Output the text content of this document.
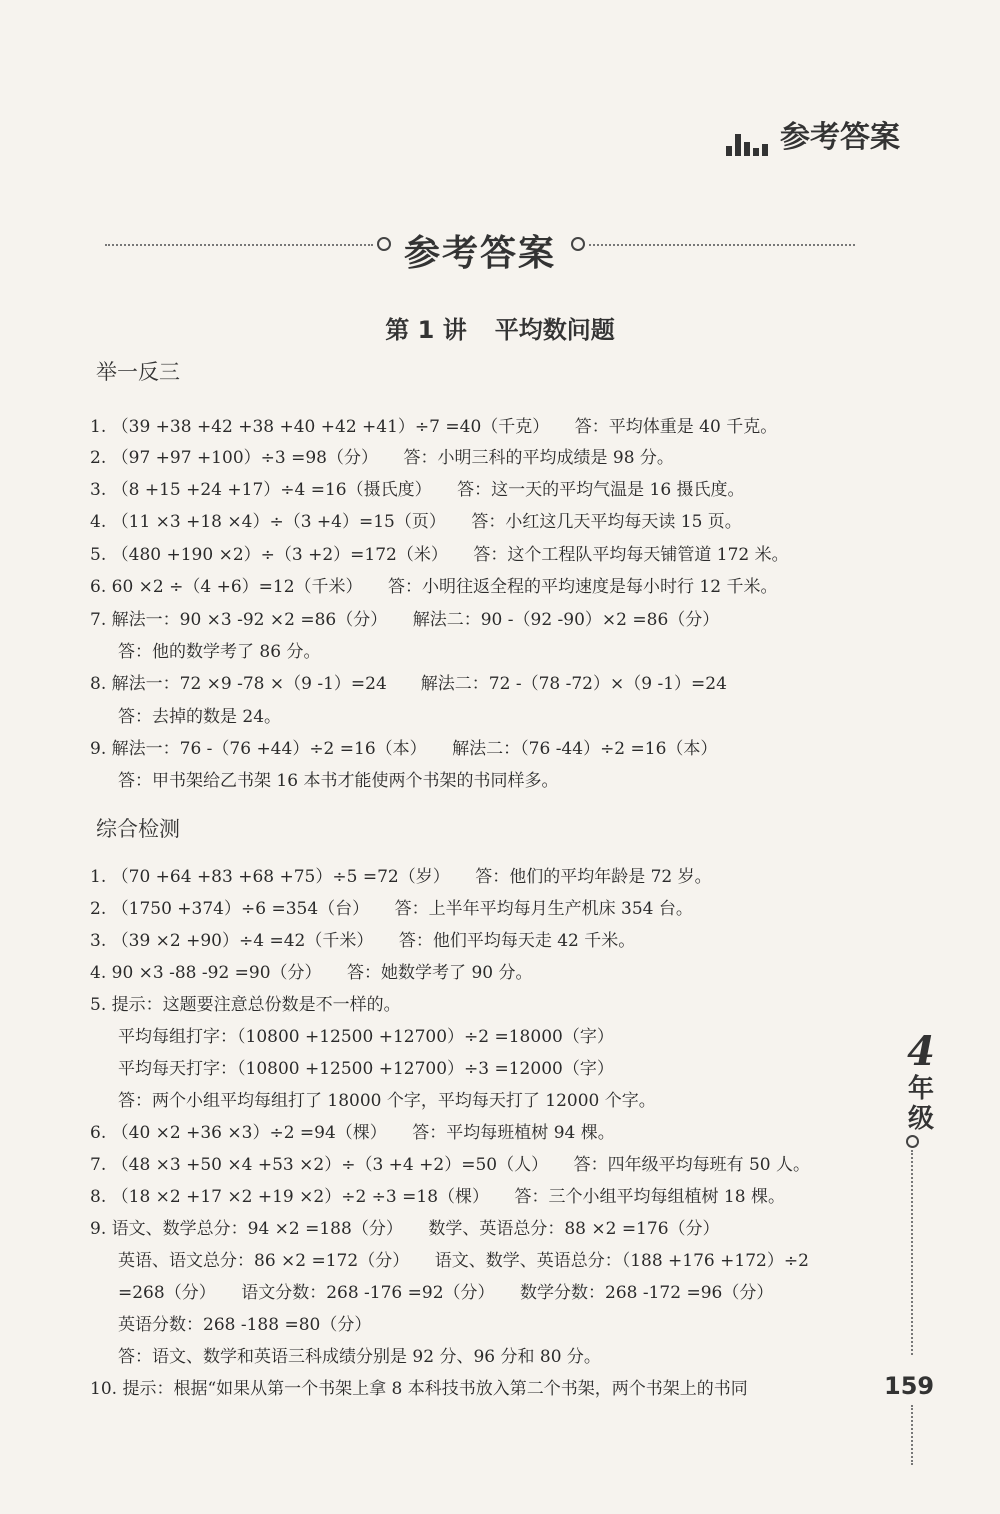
参考答案
参考答案
第 1 讲 平均数问题
举一反三
1. （39 +38 +42 +38 +40 +42 +41）÷7 =40（千克）　　答：平均体重是 40 千克。
2. （97 +97 +100）÷3 =98（分）　　答：小明三科的平均成绩是 98 分。
3. （8 +15 +24 +17）÷4 =16（摄氏度）　　答：这一天的平均气温是 16 摄氏度。
4. （11 ×3 +18 ×4）÷（3 +4）=15（页）　　答：小红这几天平均每天读 15 页。
5. （480 +190 ×2）÷（3 +2）=172（米）　　答：这个工程队平均每天铺管道 172 米。
6. 60 ×2 ÷（4 +6）=12（千米）　　答：小明往返全程的平均速度是每小时行 12 千米。
7. 解法一：90 ×3 -92 ×2 =86（分）　　解法二：90 -（92 -90）×2 =86（分）
答：他的数学考了 86 分。
8. 解法一：72 ×9 -78 ×（9 -1）=24　　解法二：72 -（78 -72）×（9 -1）=24
答：去掉的数是 24。
9. 解法一：76 -（76 +44）÷2 =16（本）　　解法二：（76 -44）÷2 =16（本）
答：甲书架给乙书架 16 本书才能使两个书架的书同样多。
综合检测
1. （70 +64 +83 +68 +75）÷5 =72（岁）　　答：他们的平均年龄是 72 岁。
2. （1750 +374）÷6 =354（台）　　答：上半年平均每月生产机床 354 台。
3. （39 ×2 +90）÷4 =42（千米）　　答：他们平均每天走 42 千米。
4. 90 ×3 -88 -92 =90（分）　　答：她数学考了 90 分。
5. 提示：这题要注意总份数是不一样的。
平均每组打字：（10800 +12500 +12700）÷2 =18000（字）
平均每天打字：（10800 +12500 +12700）÷3 =12000（字）
答：两个小组平均每组打了 18000 个字，平均每天打了 12000 个字。
6. （40 ×2 +36 ×3）÷2 =94（棵）　　答：平均每班植树 94 棵。
7. （48 ×3 +50 ×4 +53 ×2）÷（3 +4 +2）=50（人）　　答：四年级平均每班有 50 人。
8. （18 ×2 +17 ×2 +19 ×2）÷2 ÷3 =18（棵）　　答：三个小组平均每组植树 18 棵。
9. 语文、数学总分：94 ×2 =188（分）　　数学、英语总分：88 ×2 =176（分）
英语、语文总分：86 ×2 =172（分）　　语文、数学、英语总分：（188 +176 +172）÷2
=268（分）　　语文分数：268 -176 =92（分）　　数学分数：268 -172 =96（分）
英语分数：268 -188 =80（分）
答：语文、数学和英语三科成绩分别是 92 分、96 分和 80 分。
10. 提示：根据“如果从第一个书架上拿 8 本科技书放入第二个书架，两个书架上的书同
4
年级
159
